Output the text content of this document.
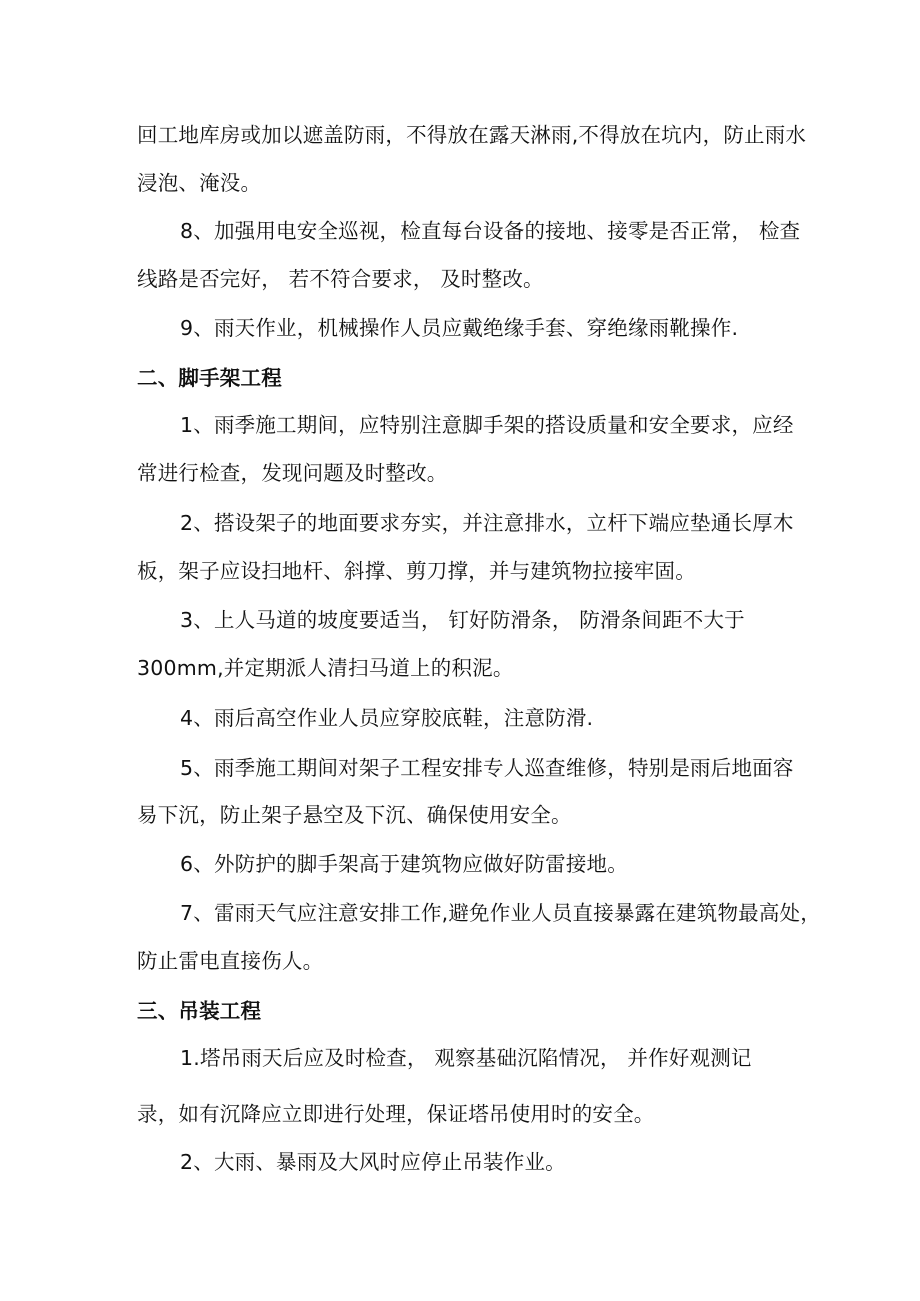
回工地库房或加以遮盖防雨，不得放在露天淋雨,不得放在坑内，防止雨水
浸泡、淹没。
8、加强用电安全巡视，检直每台设备的接地、接零是否正常， 检查
线路是否完好， 若不符合要求， 及时整改。
9、雨天作业，机械操作人员应戴绝缘手套、穿绝缘雨靴操作.
二、脚手架工程
1、雨季施工期间，应特别注意脚手架的搭设质量和安全要求，应经
常进行检查，发现问题及时整改。
2、搭设架子的地面要求夯实，并注意排水，立杆下端应垫通长厚木
板，架子应设扫地杆、斜撑、剪刀撑，并与建筑物拉接牢固。
3、上人马道的坡度要适当， 钉好防滑条， 防滑条间距不大于
300mm,并定期派人清扫马道上的积泥。
4、雨后高空作业人员应穿胶底鞋，注意防滑.
5、雨季施工期间对架子工程安排专人巡查维修，特别是雨后地面容
易下沉，防止架子悬空及下沉、确保使用安全。
6、外防护的脚手架高于建筑物应做好防雷接地。
7、雷雨天气应注意安排工作,避免作业人员直接暴露在建筑物最高处，
防止雷电直接伤人。
三、吊装工程
1.塔吊雨天后应及时检查， 观察基础沉陷情况， 并作好观测记
录，如有沉降应立即进行处理，保证塔吊使用时的安全。
2、大雨、暴雨及大风时应停止吊装作业。
